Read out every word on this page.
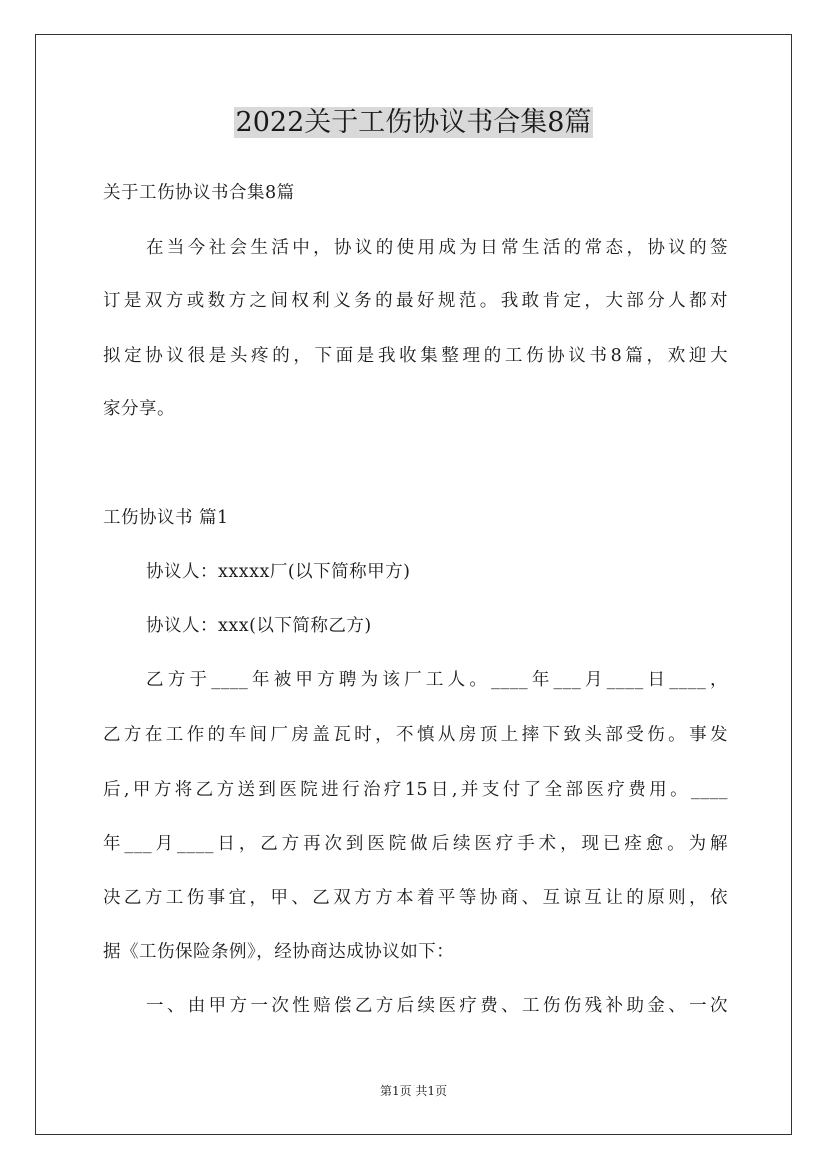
2022关于工伤协议书合集8篇
关于工伤协议书合集8篇
在当今社会生活中，协议的使用成为日常生活的常态，协议的签
订是双方或数方之间权利义务的最好规范。我敢肯定，大部分人都对
拟定协议很是头疼的，下面是我收集整理的工伤协议书8篇，欢迎大
家分享。
工伤协议书 篇1
协议人：xxxxx厂(以下简称甲方)
协议人：xxx(以下简称乙方)
乙方于____年被甲方聘为该厂工人。____年___月____日____，
乙方在工作的车间厂房盖瓦时，不慎从房顶上摔下致头部受伤。事发
后,甲方将乙方送到医院进行治疗15日,并支付了全部医疗费用。____
年___月____日，乙方再次到医院做后续医疗手术，现已痊愈。为解
决乙方工伤事宜，甲、乙双方方本着平等协商、互谅互让的原则，依
据《工伤保险条例》，经协商达成协议如下：
一、由甲方一次性赔偿乙方后续医疗费、工伤伤残补助金、一次
第1页 共1页
